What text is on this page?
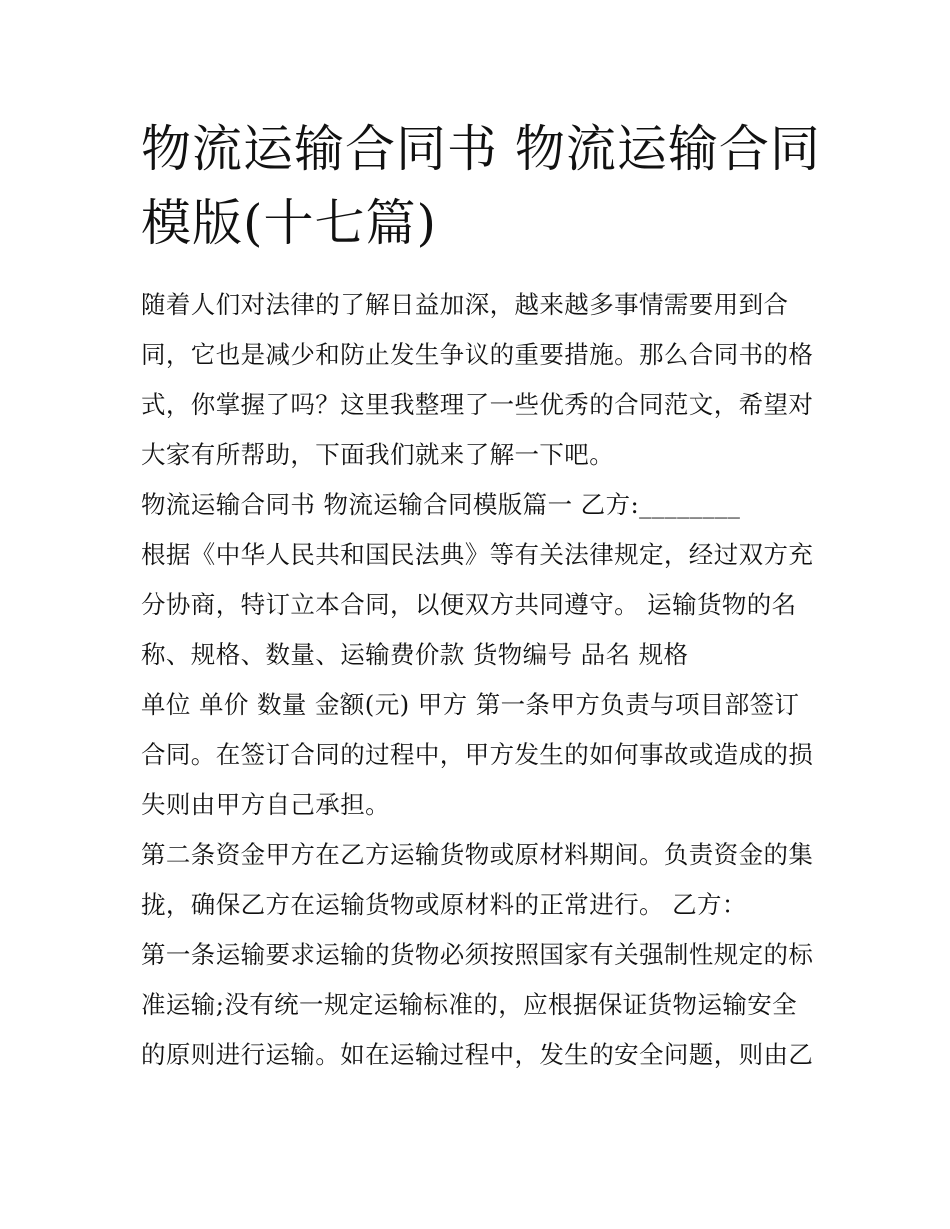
物流运输合同书 物流运输合同模版(十七篇)

随着人们对法律的了解日益加深，越来越多事情需要用到合同，它也是减少和防止发生争议的重要措施。那么合同书的格式，你掌握了吗？这里我整理了一些优秀的合同范文，希望对大家有所帮助，下面我们就来了解一下吧。

物流运输合同书 物流运输合同模版篇一 乙方:________

根据《中华人民共和国民法典》等有关法律规定，经过双方充分协商，特订立本合同，以便双方共同遵守。 运输货物的名称、规格、数量、运输费价款 货物编号 品名 规格

单位 单价 数量 金额(元) 甲方 第一条甲方负责与项目部签订合同。在签订合同的过程中，甲方发生的如何事故或造成的损失则由甲方自己承担。

第二条资金甲方在乙方运输货物或原材料期间。负责资金的集拢，确保乙方在运输货物或原材料的正常进行。 乙方：

第一条运输要求运输的货物必须按照国家有关强制性规定的标准运输;没有统一规定运输标准的，应根据保证货物运输安全的原则进行运输。如在运输过程中，发生的安全问题，则由乙
